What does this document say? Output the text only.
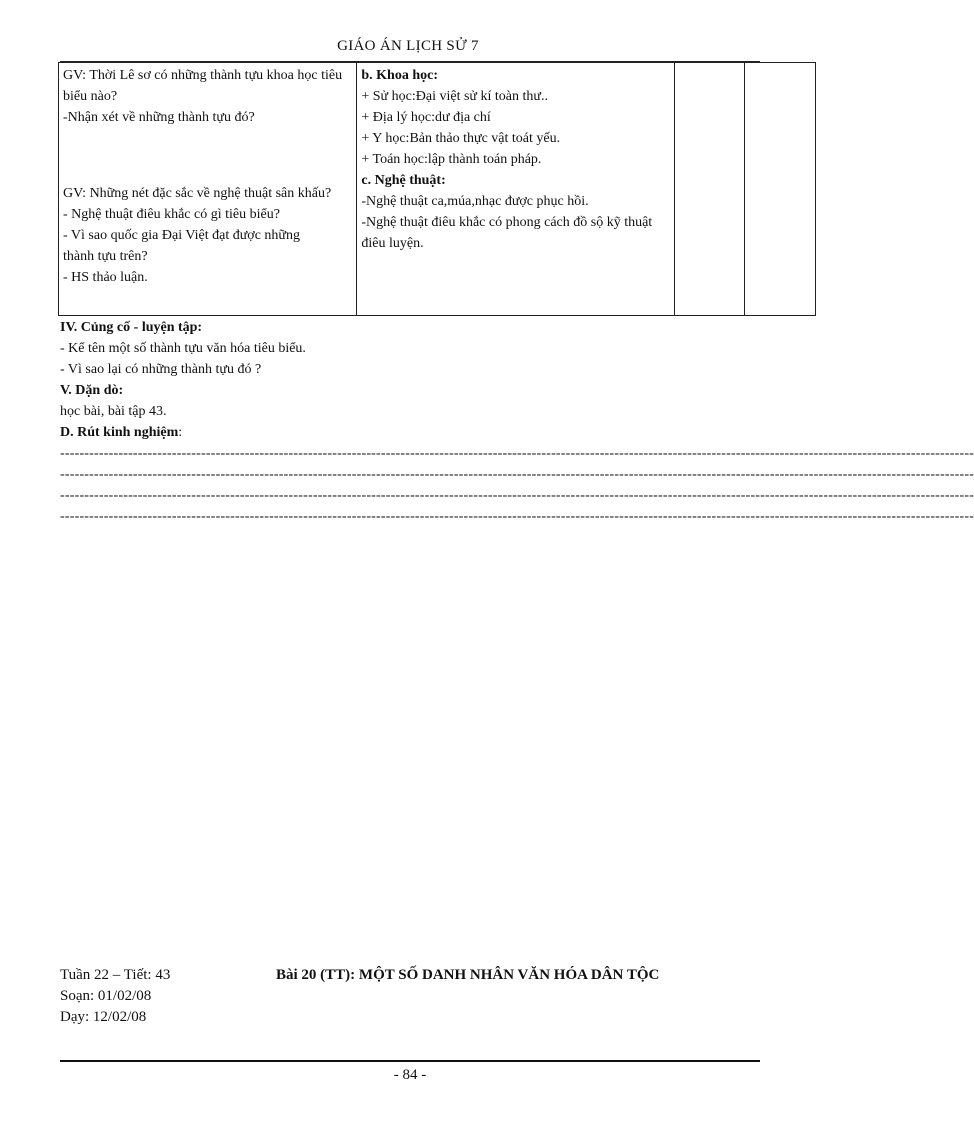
GIÁO ÁN LỊCH SỬ 7
GV: Thời Lê sơ có những thành tựu khoa học tiêu biểu nào?
-Nhận xét về những thành tựu đó?
GV: Những nét đặc sắc về nghệ thuật sân khấu?
- Nghệ thuật điêu khắc có gì tiêu biểu?
- Vì sao quốc gia Đại Việt đạt được những thành tựu trên?
- HS thảo luận.

b. Khoa học:
+ Sử học:Đại việt sử kí toàn thư..
+ Địa lý học:dư địa chí
+ Y học:Bản thảo thực vật toát yếu.
+ Toán học:lập thành toán pháp.
c. Nghệ thuật:
-Nghệ thuật ca,múa,nhạc được phục hồi.
-Nghệ thuật điêu khắc có phong cách đồ sộ kỹ thuật điêu luyện.

IV. Củng cố - luyện tập:
- Kể tên một số thành tựu văn hóa tiêu biểu.
- Vì sao lại có những thành tựu đó ?
V. Dặn dò:
học bài, bài tập 43.
D. Rút kinh nghiệm:
--------------------------------------------------------------------------------------------------------------------------------------------------------------------------------------------
--------------------------------------------------------------------------------------------------------------------------------------------------------------------------------------------
--------------------------------------------------------------------------------------------------------------------------------------------------------------------------------------------
--------------------------------------------------------------------------------------------------------------------------------------------------------------------------------------------
Tuần 22 – Tiết: 43
Soạn: 01/02/08
Dạy: 12/02/08
Bài 20 (TT): MỘT SỐ DANH NHÂN VĂN HÓA DÂN TỘC
- 84 -
